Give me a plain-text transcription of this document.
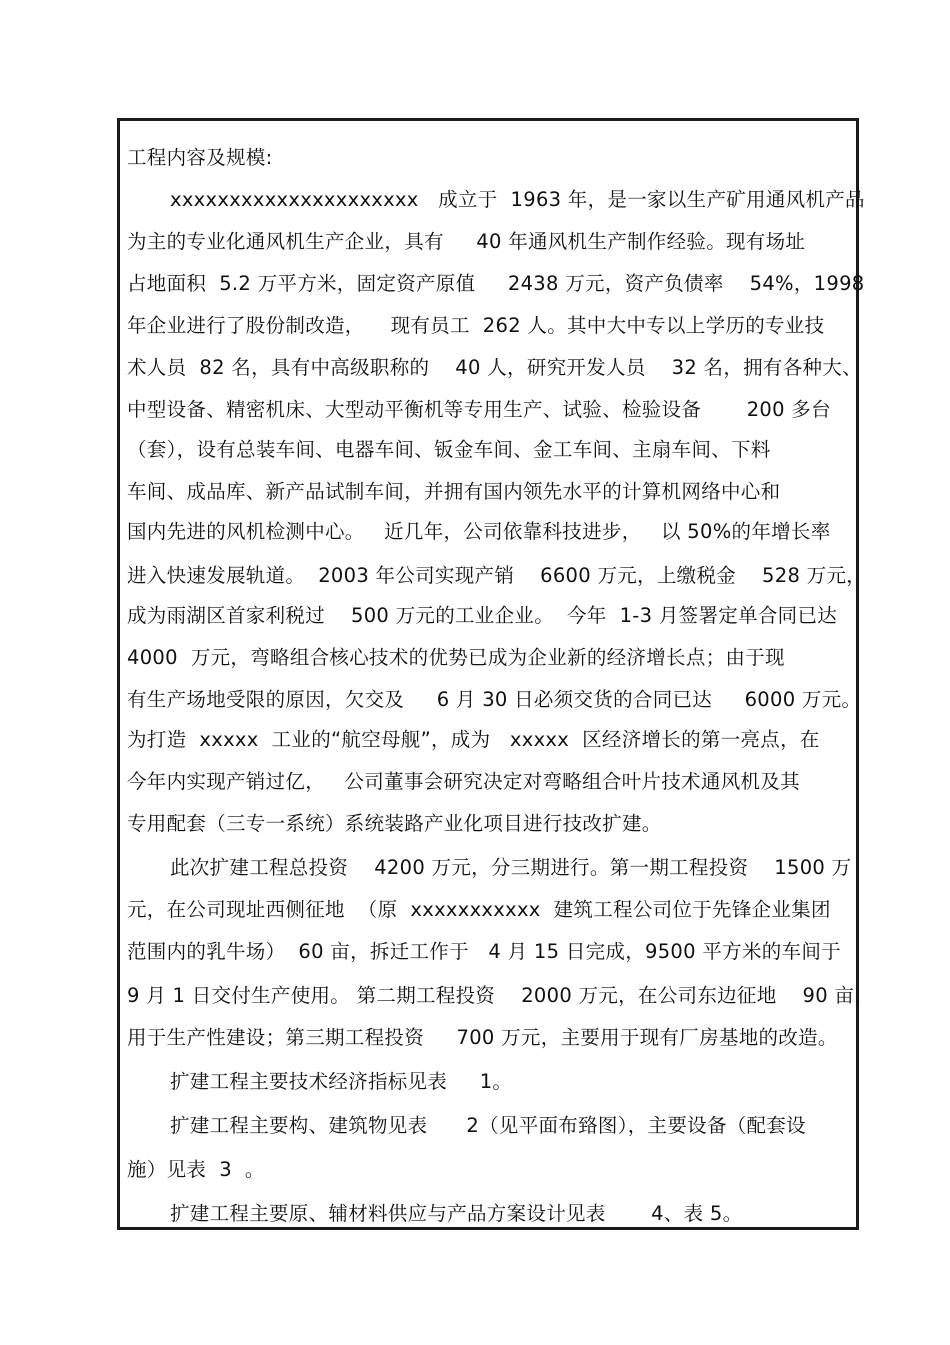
工程内容及规模:
xxxxxxxxxxxxxxxxxxxxx   成立于  1963 年，是一家以生产矿用通风机产品
为主的专业化通风机生产企业，具有     40 年通风机生产制作经验。现有场址
占地面积  5.2 万平方米，固定资产原值     2438 万元，资产负债率    54%，1998
年企业进行了股份制改造，    现有员工  262 人。其中大中专以上学历的专业技
术人员  82 名，具有中高级职称的    40 人，研究开发人员    32 名，拥有各种大、
中型设备、精密机床、大型动平衡机等专用生产、试验、检验设备       200 多台
（套），设有总装车间、电器车间、钣金车间、金工车间、主扇车间、下料
车间、成品库、新产品试制车间，并拥有国内领先水平的计算机网络中心和
国内先进的风机检测中心。   近几年，公司依靠科技进步，   以 50%的年增长率
进入快速发展轨道。  2003 年公司实现产销    6600 万元，上缴税金    528 万元，
成为雨湖区首家利税过    500 万元的工业企业。  今年  1-3 月签署定单合同已达
4000  万元，弯略组合核心技术的优势已成为企业新的经济增长点；由于现
有生产场地受限的原因，欠交及     6 月 30 日必须交货的合同已达     6000 万元。
为打造  xxxxx  工业的“航空母舰”，成为   xxxxx  区经济增长的第一亮点，在
今年内实现产销过亿，   公司董事会研究决定对弯略组合叶片技术通风机及其
专用配套（三专一系统）系统装路产业化项目进行技改扩建。
此次扩建工程总投资    4200 万元，分三期进行。第一期工程投资    1500 万
元，在公司现址西侧征地  （原  xxxxxxxxxxx  建筑工程公司位于先锋企业集团
范围内的乳牛场）  60 亩，拆迁工作于   4 月 15 日完成，9500 平方米的车间于
9 月 1 日交付生产使用。 第二期工程投资    2000 万元，在公司东边征地    90 亩，
用于生产性建设；第三期工程投资     700 万元，主要用于现有厂房基地的改造。
扩建工程主要技术经济指标见表     1。
扩建工程主要构、建筑物见表      2（见平面布臵图），主要设备（配套设
施）见表  3  。
扩建工程主要原、辅材料供应与产品方案设计见表       4、表 5。
